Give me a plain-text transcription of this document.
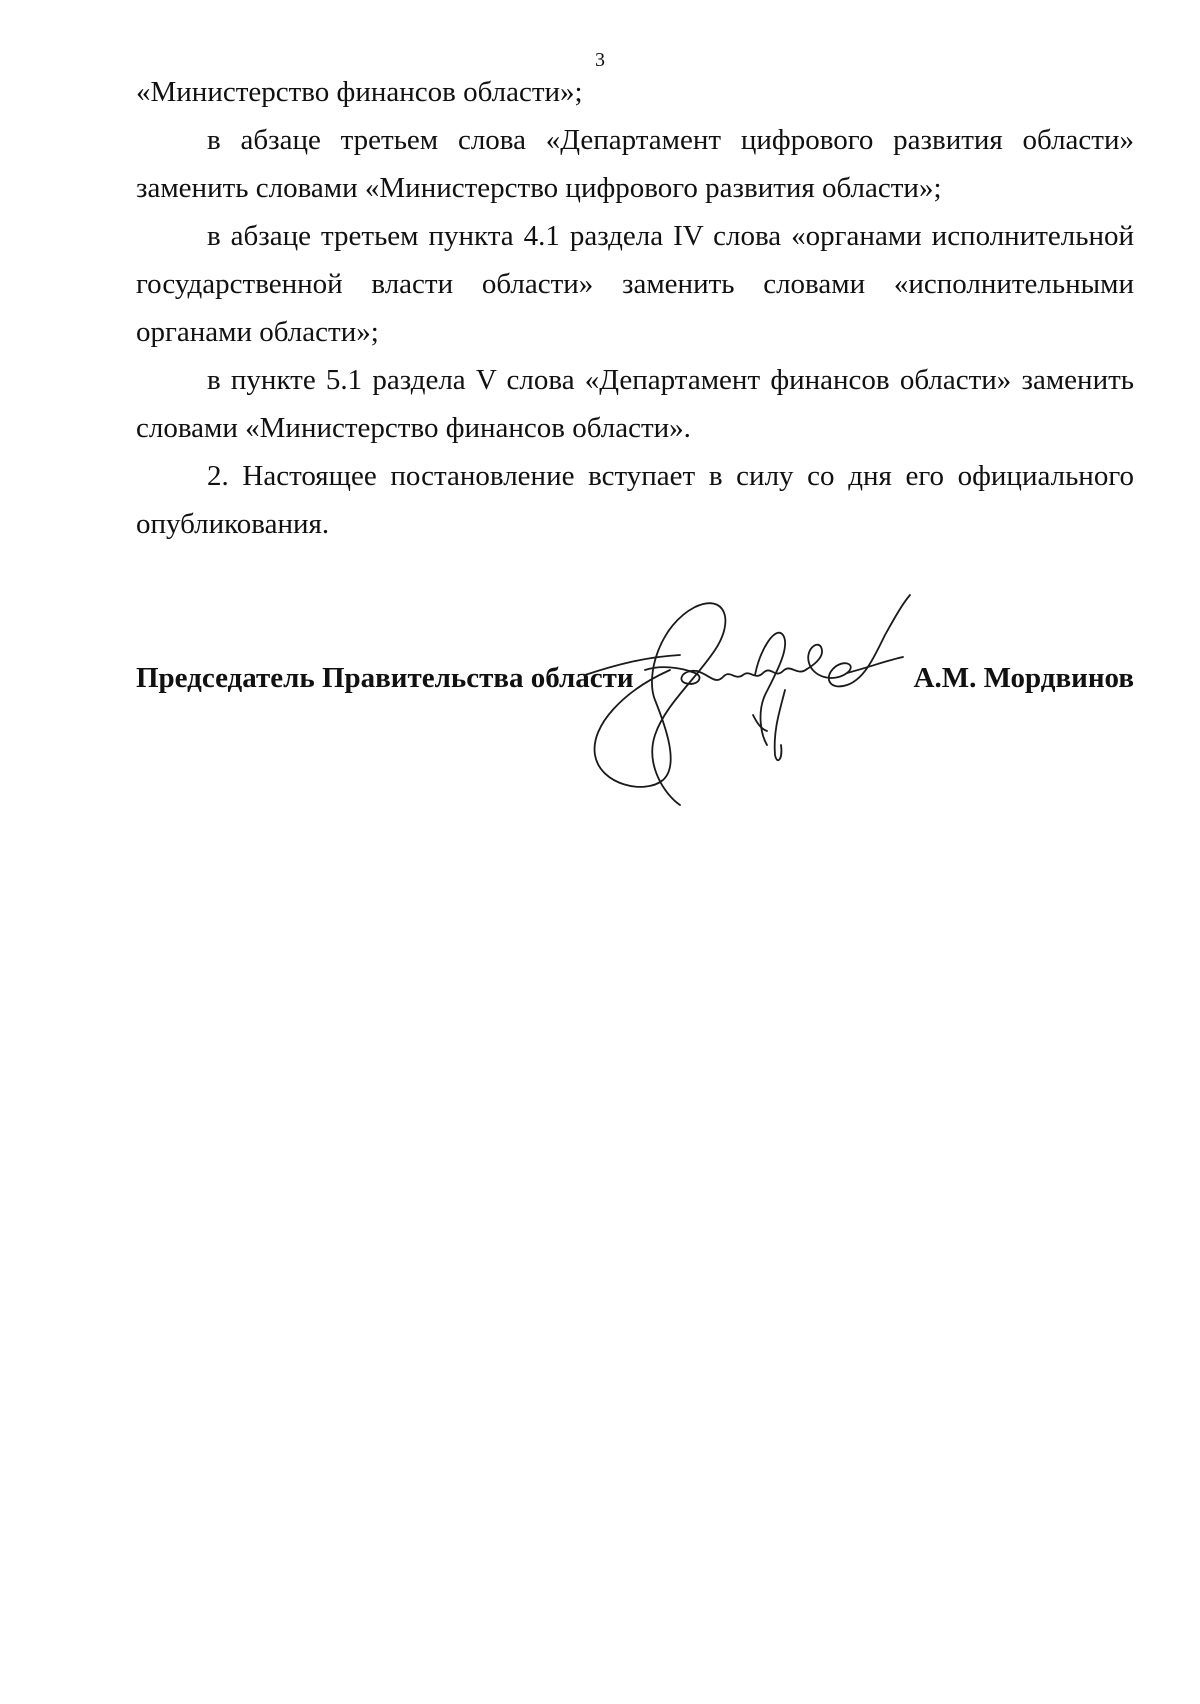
3

«Министерство финансов области»;

в абзаце третьем слова «Департамент цифрового развития области» заменить словами «Министерство цифрового развития области»;

в абзаце третьем пункта 4.1 раздела IV слова «органами исполнительной государственной власти области» заменить словами «исполнительными органами области»;

в пункте 5.1 раздела V слова «Департамент финансов области» заменить словами «Министерство финансов области».

2. Настоящее постановление вступает в силу со дня его официального опубликования.

Председатель Правительства области	А.М. Мордвинов
